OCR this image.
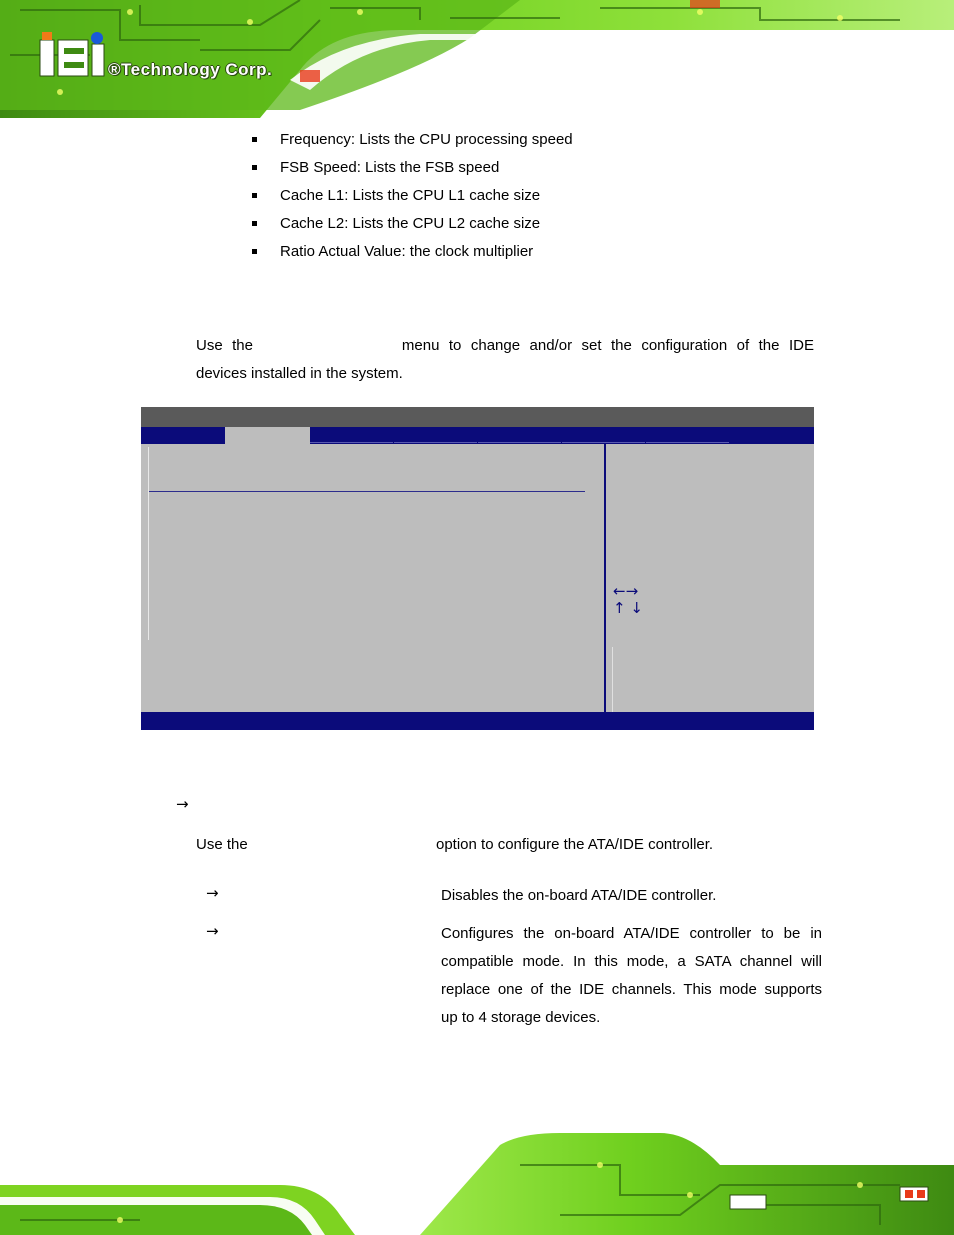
®Technology Corp.
Frequency: Lists the CPU processing speed
FSB Speed: Lists the FSB speed
Cache L1: Lists the CPU L1 cache size
Cache L2: Lists the CPU L2 cache size
Ratio Actual Value: the clock multiplier
Use the	menu to change and/or set the configuration of the IDE
devices installed in the system.
←→
↑ ↓
→
Use the	option to configure the ATA/IDE controller.
→	Disables the on-board ATA/IDE controller.
→	Configures the on-board ATA/IDE controller to be in
compatible mode. In this mode, a SATA channel will
replace one of the IDE channels. This mode supports
up to 4 storage devices.
